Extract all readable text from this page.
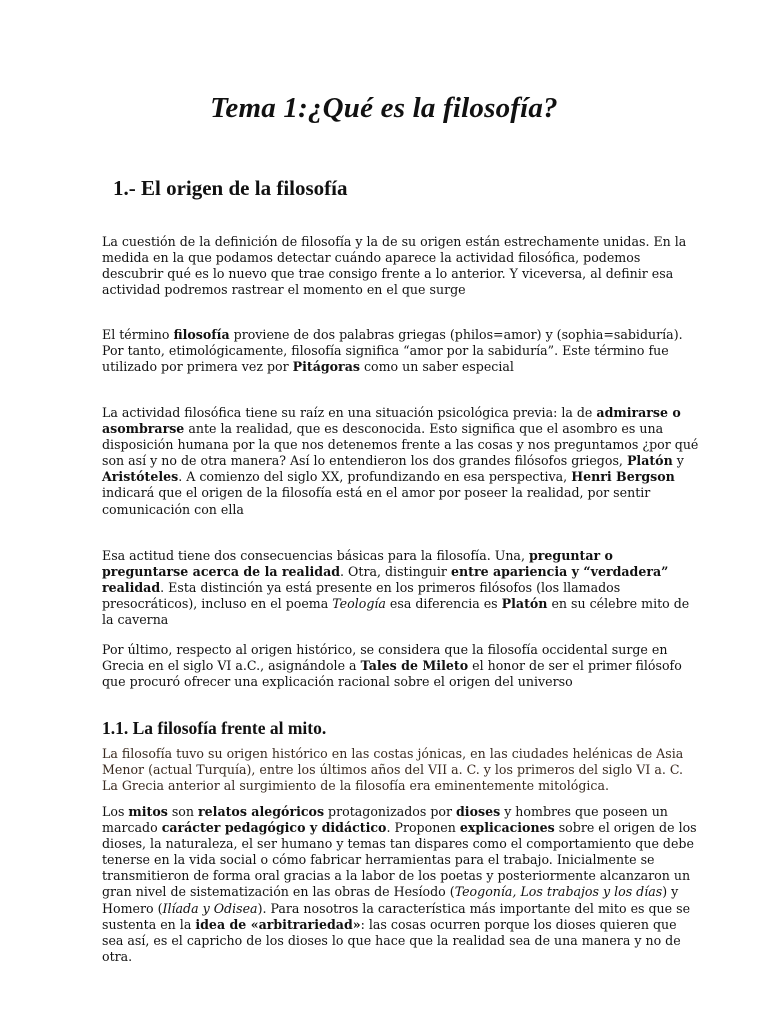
Tema 1:¿Qué es la filosofía?
1.- El origen de la filosofía

La cuestión de la definición de filosofía y la de su origen están estrechamente unidas. En la medida en la que podamos detectar cuándo aparece la actividad filosófica, podemos descubrir qué es lo nuevo que trae consigo frente a lo anterior. Y viceversa, al definir esa actividad podremos rastrear el momento en el que surge

El término filosofía proviene de dos palabras griegas (philos=amor) y (sophia=sabiduría). Por tanto, etimológicamente, filosofía significa “amor por la sabiduría”. Este término fue utilizado por primera vez por Pitágoras como un saber especial

La actividad filosófica tiene su raíz en una situación psicológica previa: la de admirarse o asombrarse ante la realidad, que es desconocida. Esto significa que el asombro es una disposición humana por la que nos detenemos frente a las cosas y nos preguntamos ¿por qué son así y no de otra manera? Así lo entendieron los dos grandes filósofos griegos, Platón y Aristóteles. A comienzo del siglo XX, profundizando en esa perspectiva, Henri Bergson indicará que el origen de la filosofía está en el amor por poseer la realidad, por sentir comunicación con ella

Esa actitud tiene dos consecuencias básicas para la filosofía. Una, preguntar o preguntarse acerca de la realidad. Otra, distinguir entre apariencia y “verdadera” realidad. Esta distinción ya está presente en los primeros filósofos (los llamados presocráticos), incluso en el poema Teología esa diferencia es Platón en su célebre mito de la caverna

Por último, respecto al origen histórico, se considera que la filosofía occidental surge en Grecia en el siglo VI a.C., asignándole a Tales de Mileto el honor de ser el primer filósofo que procuró ofrecer una explicación racional sobre el origen del universo

1.1. La filosofía frente al mito.

La filosofía tuvo su origen histórico en las costas jónicas, en las ciudades helénicas de Asia Menor (actual Turquía), entre los últimos años del VII a. C. y los primeros del siglo VI a. C. La Grecia anterior al surgimiento de la filosofía era eminentemente mitológica.

Los mitos son relatos alegóricos protagonizados por dioses y hombres que poseen un marcado carácter pedagógico y didáctico. Proponen explicaciones sobre el origen de los dioses, la naturaleza, el ser humano y temas tan dispares como el comportamiento que debe tenerse en la vida social o cómo fabricar herramientas para el trabajo. Inicialmente se transmitieron de forma oral gracias a la labor de los poetas y posteriormente alcanzaron un gran nivel de sistematización en las obras de Hesíodo (Teogonía, Los trabajos y los días) y Homero (Ilíada y Odisea). Para nosotros la característica más importante del mito es que se sustenta en la idea de «arbitrariedad»: las cosas ocurren porque los dioses quieren que sea así, es el capricho de los dioses lo que hace que la realidad sea de una manera y no de otra.
